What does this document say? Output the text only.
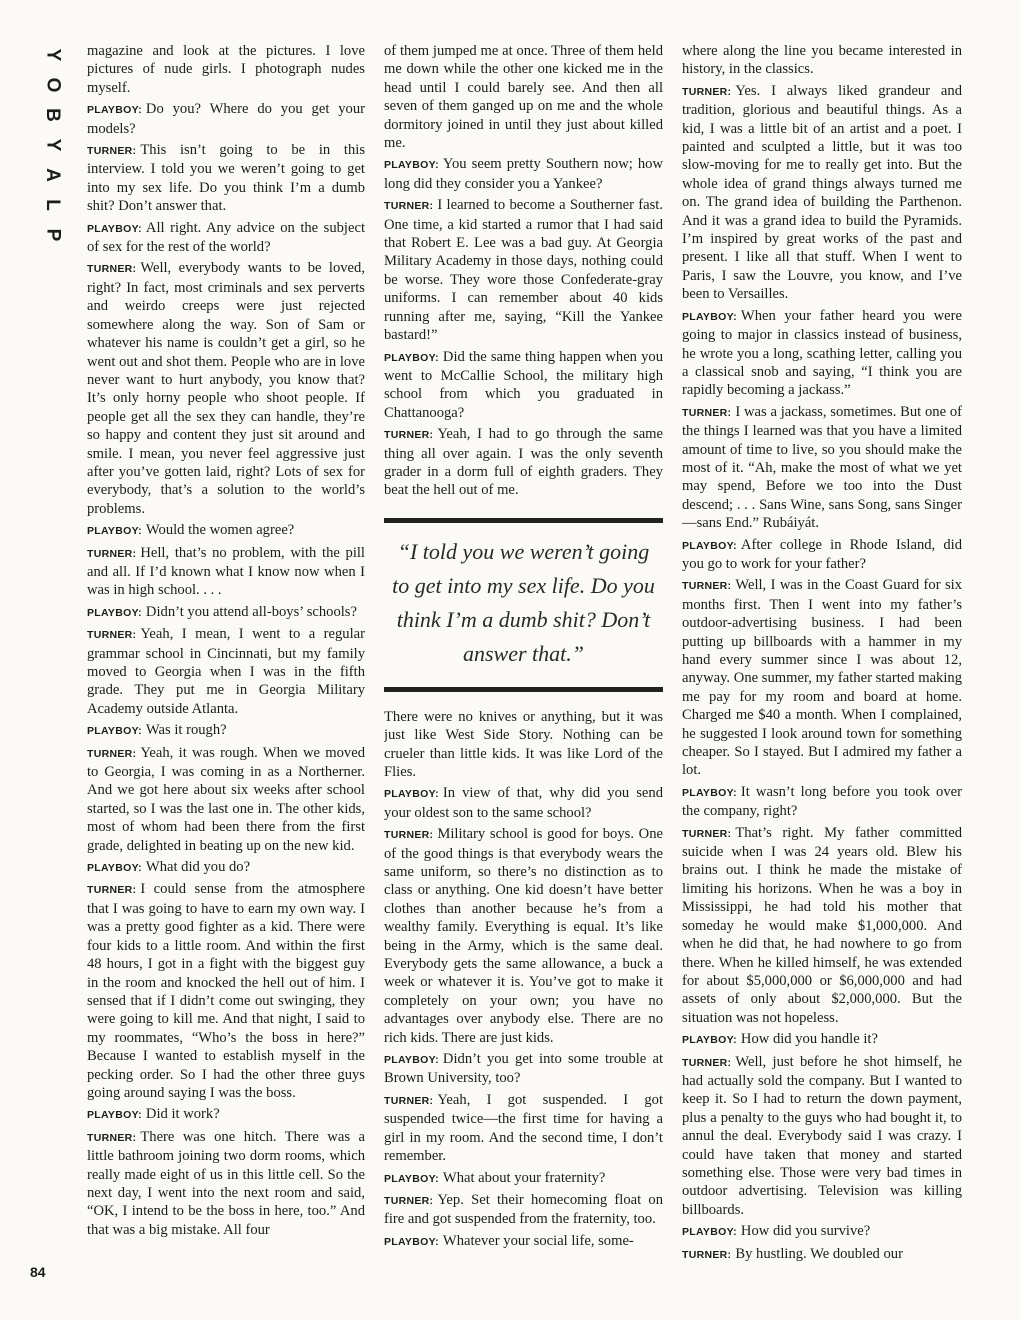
Y
O
B
Y
A
L
P
84

magazine and look at the pictures. I love pictures of nude girls. I photograph nudes myself.

PLAYBOY: Do you? Where do you get your models?

TURNER: This isn’t going to be in this interview. I told you we weren’t going to get into my sex life. Do you think I’m a dumb shit? Don’t answer that.

PLAYBOY: All right. Any advice on the subject of sex for the rest of the world?

TURNER: Well, everybody wants to be loved, right? In fact, most criminals and sex perverts and weirdo creeps were just rejected somewhere along the way. Son of Sam or whatever his name is couldn’t get a girl, so he went out and shot them. People who are in love never want to hurt anybody, you know that? It’s only horny people who shoot people. If people get all the sex they can handle, they’re so happy and content they just sit around and smile. I mean, you never feel aggressive just after you’ve gotten laid, right? Lots of sex for everybody, that’s a solution to the world’s problems.

PLAYBOY: Would the women agree?

TURNER: Hell, that’s no problem, with the pill and all. If I’d known what I know now when I was in high school. . . .

PLAYBOY: Didn’t you attend all-boys’ schools?

TURNER: Yeah, I mean, I went to a regular grammar school in Cincinnati, but my family moved to Georgia when I was in the fifth grade. They put me in Georgia Military Academy outside Atlanta.

PLAYBOY: Was it rough?

TURNER: Yeah, it was rough. When we moved to Georgia, I was coming in as a Northerner. And we got here about six weeks after school started, so I was the last one in. The other kids, most of whom had been there from the first grade, delighted in beating up on the new kid.

PLAYBOY: What did you do?

TURNER: I could sense from the atmosphere that I was going to have to earn my own way. I was a pretty good fighter as a kid. There were four kids to a little room. And within the first 48 hours, I got in a fight with the biggest guy in the room and knocked the hell out of him. I sensed that if I didn’t come out swinging, they were going to kill me. And that night, I said to my roommates, “Who’s the boss in here?” Because I wanted to establish myself in the pecking order. So I had the other three guys going around saying I was the boss.

PLAYBOY: Did it work?

TURNER: There was one hitch. There was a little bathroom joining two dorm rooms, which really made eight of us in this little cell. So the next day, I went into the next room and said, “OK, I intend to be the boss in here, too.” And that was a big mistake. All four

of them jumped me at once. Three of them held me down while the other one kicked me in the head until I could barely see. And then all seven of them ganged up on me and the whole dormitory joined in until they just about killed me.

PLAYBOY: You seem pretty Southern now; how long did they consider you a Yankee?

TURNER: I learned to become a Southerner fast. One time, a kid started a rumor that I had said that Robert E. Lee was a bad guy. At Georgia Military Academy in those days, nothing could be worse. They wore those Confederate-gray uniforms. I can remember about 40 kids running after me, saying, “Kill the Yankee bastard!”

PLAYBOY: Did the same thing happen when you went to McCallie School, the military high school from which you graduated in Chattanooga?

TURNER: Yeah, I had to go through the same thing all over again. I was the only seventh grader in a dorm full of eighth graders. They beat the hell out of me.

“I told you we weren’t going to get into my sex life. Do you think I’m a dumb shit? Don’t answer that.”

There were no knives or anything, but it was just like West Side Story. Nothing can be crueler than little kids. It was like Lord of the Flies.

PLAYBOY: In view of that, why did you send your oldest son to the same school?

TURNER: Military school is good for boys. One of the good things is that everybody wears the same uniform, so there’s no distinction as to class or anything. One kid doesn’t have better clothes than another because he’s from a wealthy family. Everything is equal. It’s like being in the Army, which is the same deal. Everybody gets the same allowance, a buck a week or whatever it is. You’ve got to make it completely on your own; you have no advantages over anybody else. There are no rich kids. There are just kids.

PLAYBOY: Didn’t you get into some trouble at Brown University, too?

TURNER: Yeah, I got suspended. I got suspended twice—the first time for having a girl in my room. And the second time, I don’t remember.

PLAYBOY: What about your fraternity?

TURNER: Yep. Set their homecoming float on fire and got suspended from the fraternity, too.

PLAYBOY: Whatever your social life, some-

where along the line you became interested in history, in the classics.

TURNER: Yes. I always liked grandeur and tradition, glorious and beautiful things. As a kid, I was a little bit of an artist and a poet. I painted and sculpted a little, but it was too slow-moving for me to really get into. But the whole idea of grand things always turned me on. The grand idea of building the Parthenon. And it was a grand idea to build the Pyramids. I’m inspired by great works of the past and present. I like all that stuff. When I went to Paris, I saw the Louvre, you know, and I’ve been to Versailles.

PLAYBOY: When your father heard you were going to major in classics instead of business, he wrote you a long, scathing letter, calling you a classical snob and saying, “I think you are rapidly becoming a jackass.”

TURNER: I was a jackass, sometimes. But one of the things I learned was that you have a limited amount of time to live, so you should make the most of it. “Ah, make the most of what we yet may spend, Before we too into the Dust descend; . . . Sans Wine, sans Song, sans Singer—sans End.” Rubáiyát.

PLAYBOY: After college in Rhode Island, did you go to work for your father?

TURNER: Well, I was in the Coast Guard for six months first. Then I went into my father’s outdoor-advertising business. I had been putting up billboards with a hammer in my hand every summer since I was about 12, anyway. One summer, my father started making me pay for my room and board at home. Charged me $40 a month. When I complained, he suggested I look around town for something cheaper. So I stayed. But I admired my father a lot.

PLAYBOY: It wasn’t long before you took over the company, right?

TURNER: That’s right. My father committed suicide when I was 24 years old. Blew his brains out. I think he made the mistake of limiting his horizons. When he was a boy in Mississippi, he had told his mother that someday he would make $1,000,000. And when he did that, he had nowhere to go from there. When he killed himself, he was extended for about $5,000,000 or $6,000,000 and had assets of only about $2,000,000. But the situation was not hopeless.

PLAYBOY: How did you handle it?

TURNER: Well, just before he shot himself, he had actually sold the company. But I wanted to keep it. So I had to return the down payment, plus a penalty to the guys who had bought it, to annul the deal. Everybody said I was crazy. I could have taken that money and started something else. Those were very bad times in outdoor advertising. Television was killing billboards.

PLAYBOY: How did you survive?

TURNER: By hustling. We doubled our
